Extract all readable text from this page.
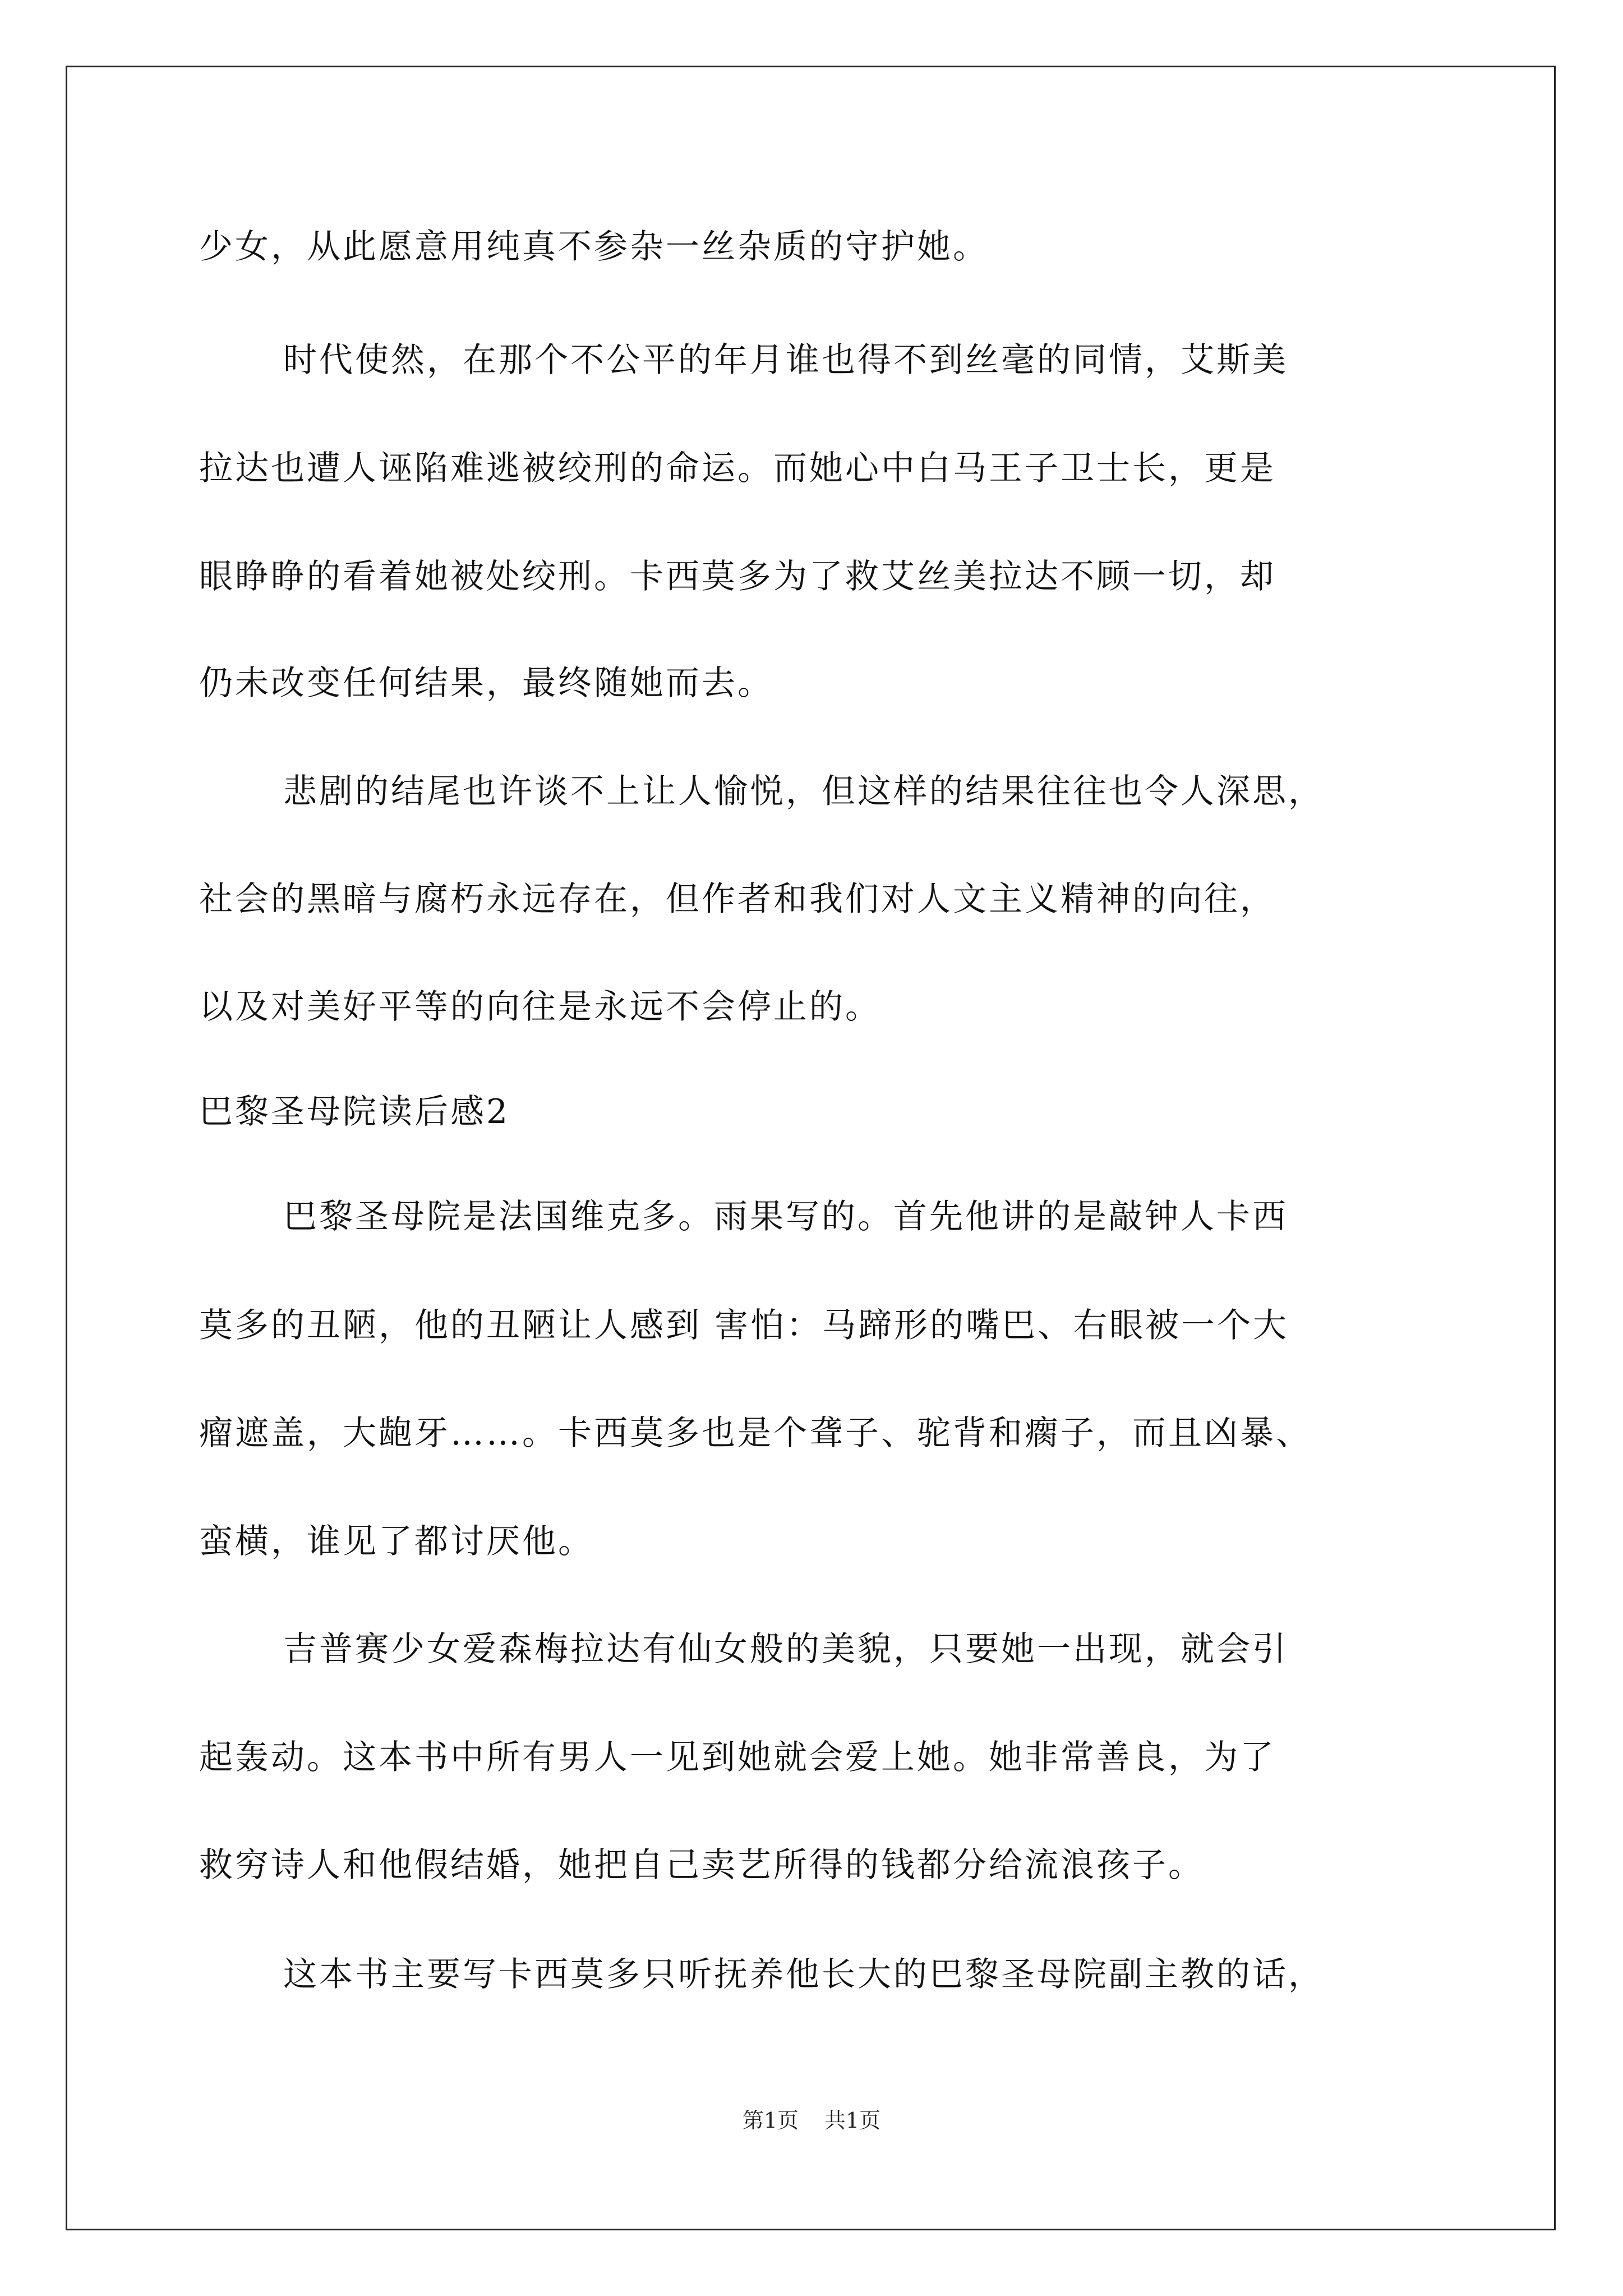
少女，从此愿意用纯真不参杂一丝杂质的守护她。
时代使然，在那个不公平的年月谁也得不到丝毫的同情，艾斯美
拉达也遭人诬陷难逃被绞刑的命运。而她心中白马王子卫士长，更是
眼睁睁的看着她被处绞刑。卡西莫多为了救艾丝美拉达不顾一切，却
仍未改变任何结果，最终随她而去。
悲剧的结尾也许谈不上让人愉悦，但这样的结果往往也令人深思，
社会的黑暗与腐朽永远存在，但作者和我们对人文主义精神的向往，
以及对美好平等的向往是永远不会停止的。
巴黎圣母院读后感2
巴黎圣母院是法国维克多。雨果写的。首先他讲的是敲钟人卡西
莫多的丑陋，他的丑陋让人感到 害怕：马蹄形的嘴巴、右眼被一个大
瘤遮盖，大龅牙……。卡西莫多也是个聋子、驼背和瘸子，而且凶暴、
蛮横，谁见了都讨厌他。
吉普赛少女爱森梅拉达有仙女般的美貌，只要她一出现，就会引
起轰动。这本书中所有男人一见到她就会爱上她。她非常善良，为了
救穷诗人和他假结婚，她把自己卖艺所得的钱都分给流浪孩子。
这本书主要写卡西莫多只听抚养他长大的巴黎圣母院副主教的话，
第1页 共1页
